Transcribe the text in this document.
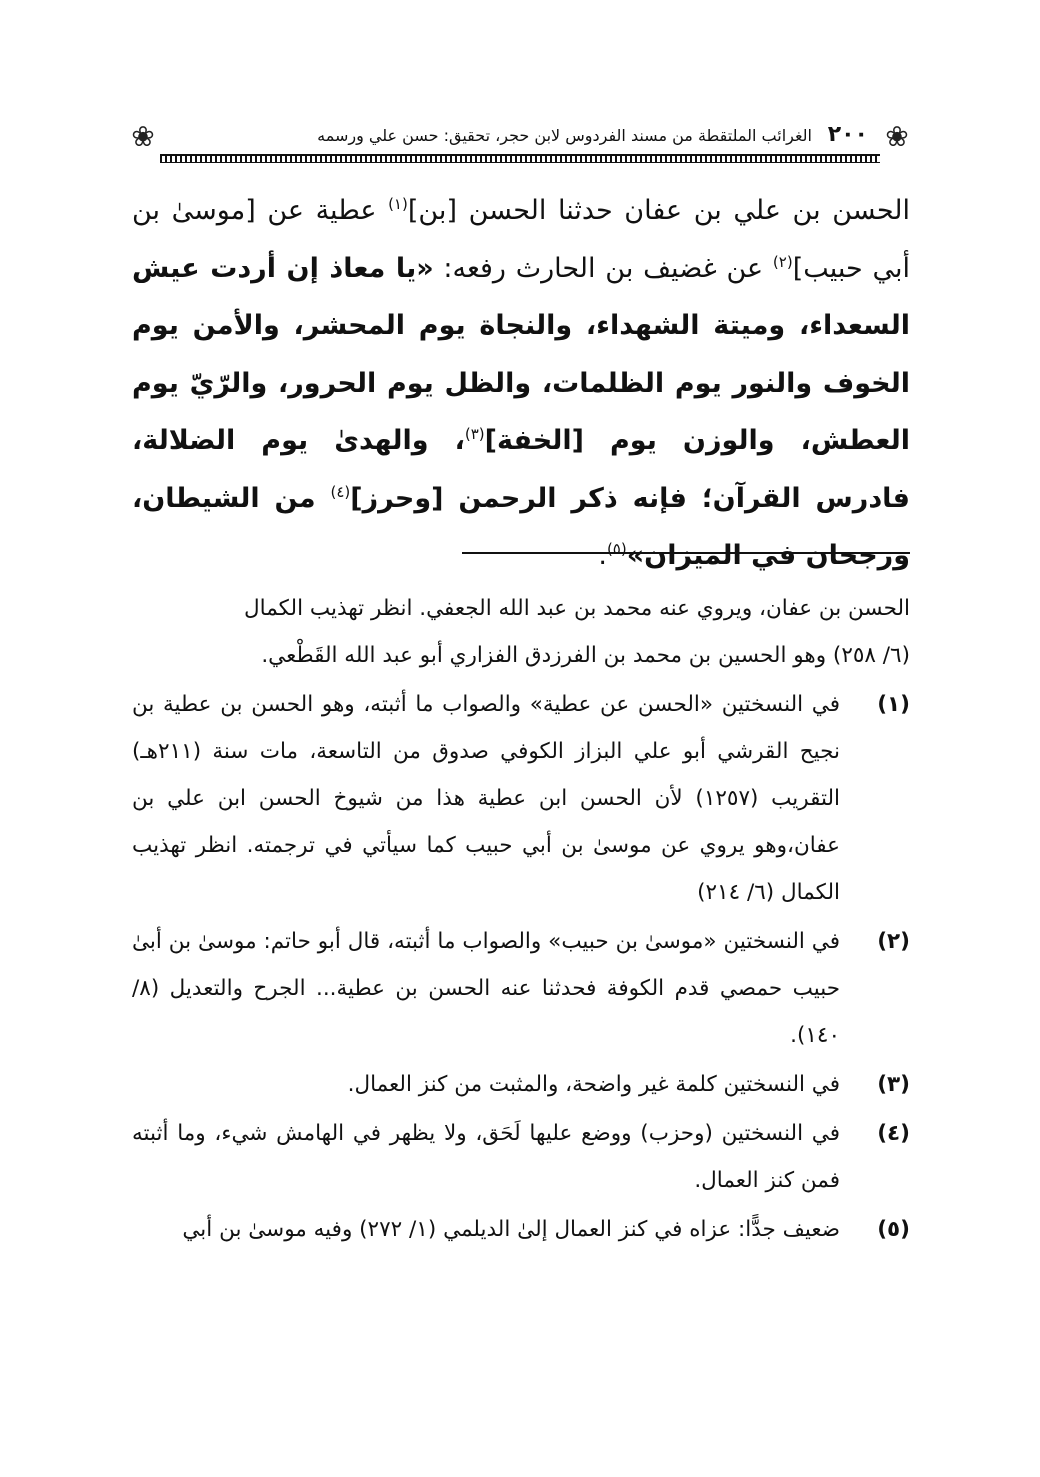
❀	❀
٢٠٠
الغرائب الملتقطة من مسند الفردوس لابن حجر، تحقيق: حسن علي ورسمه

الحسن بن علي بن عفان حدثنا الحسن [بن]$^{(١)}$ عطية عن [موسىٰ بن أبي حبيب]$^{(٢)}$ عن غضيف بن الحارث رفعه: «يا معاذ إن أردت عيش السعداء، وميتة الشهداء، والنجاة يوم المحشر، والأمن يوم الخوف والنور يوم الظلمات، والظل يوم الحرور، والرّيّ يوم العطش، والوزن يوم [الخفة]$^{(٣)}$، والهدىٰ يوم الضلالة، فادرس القرآن؛ فإنه ذكر الرحمن [وحرز]$^{(٤)}$ من الشيطان، ورجحان في الميزان»$^{(٥)}$.

الحسن بن عفان، ويروي عنه محمد بن عبد الله الجعفي. انظر تهذيب الكمال
(٦/ ٢٥٨) وهو الحسين بن محمد بن الفرزدق الفزاري أبو عبد الله القَطْعي.
(١)
في النسختين «الحسن عن عطية» والصواب ما أثبته، وهو الحسن بن عطية بن نجيح القرشي أبو علي البزاز الكوفي صدوق من التاسعة، مات سنة (٢١١هـ) التقريب (١٢٥٧) لأن الحسن ابن عطية هذا من شيوخ الحسن ابن علي بن عفان،وهو يروي عن موسىٰ بن أبي حبيب كما سيأتي في ترجمته. انظر تهذيب الكمال (٦/ ٢١٤)
(٢)
في النسختين «موسىٰ بن حبيب» والصواب ما أثبته، قال أبو حاتم: موسىٰ بن أبىٰ حبيب حمصي قدم الكوفة فحدثنا عنه الحسن بن عطية... الجرح والتعديل (٨/ ١٤٠).
(٣)
في النسختين كلمة غير واضحة، والمثبت من كنز العمال.
(٤)
في النسختين (وحزب) ووضع عليها لَحَق، ولا يظهر في الهامش شيء، وما أثبته فمن كنز العمال.
(٥)
ضعيف جدًّا: عزاه في كنز العمال إلىٰ الديلمي (١/ ٢٧٢) وفيه موسىٰ بن أبي
